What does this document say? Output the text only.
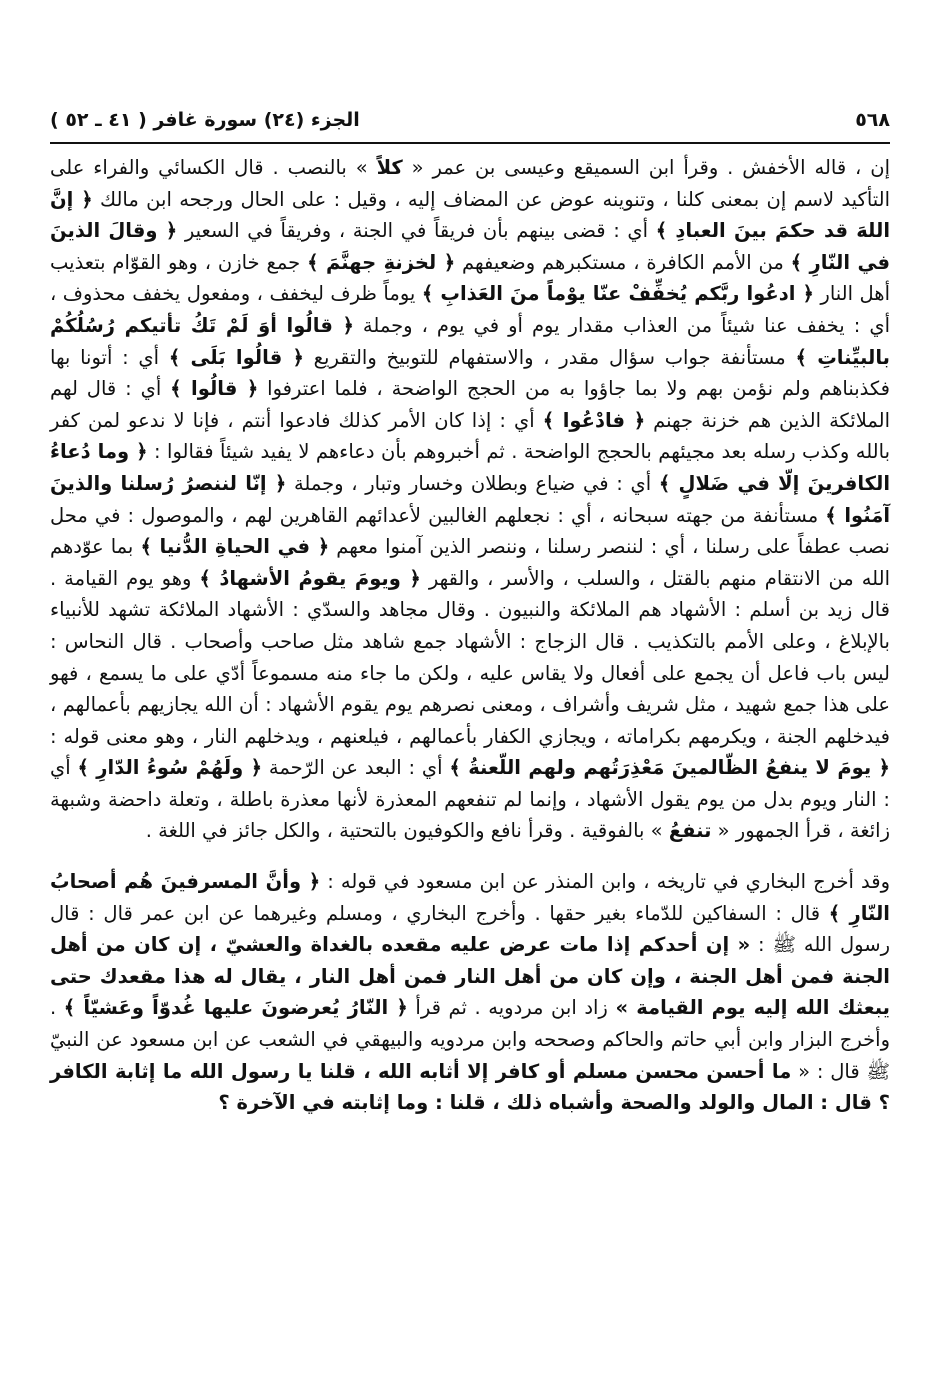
٥٦٨
الجزء (٢٤) سورة غافر ( ٤١ ـ ٥٢ )

إن ، قاله الأخفش . وقرأ ابن السميقع وعيسى بن عمر « كلاً » بالنصب . قال الكسائي والفراء على التأكيد لاسم إن بمعنى كلنا ، وتنوينه عوض عن المضاف إليه ، وقيل : على الحال ورجحه ابن مالك ﴿ إنَّ اللهَ قد حكمَ بينَ العبادِ ﴾ أي : قضى بينهم بأن فريقاً في الجنة ، وفريقاً في السعير ﴿ وقالَ الذينَ في النّارِ ﴾ من الأمم الكافرة ، مستكبرهم وضعيفهم ﴿ لخزنةِ جهنَّمَ ﴾ جمع خازن ، وهو القوّام بتعذيب أهل النار ﴿ ادعُوا ربَّكم يُخفِّفْ عنّا يوْماً منَ العَذابِ ﴾ يوماً ظرف ليخفف ، ومفعول يخفف محذوف ، أي : يخفف عنا شيئاً من العذاب مقدار يوم أو في يوم ، وجملة ﴿ قالُوا أوَ لَمْ تَكُ تأتيكم رُسُلُكُمْ بالبيِّناتِ ﴾ مستأنفة جواب سؤال مقدر ، والاستفهام للتوبيخ والتقريع ﴿ قالُوا بَلَى ﴾ أي : أتونا بها فكذبناهم ولم نؤمن بهم ولا بما جاؤوا به من الحجج الواضحة ، فلما اعترفوا ﴿ قالُوا ﴾ أي : قال لهم الملائكة الذين هم خزنة جهنم ﴿ فادْعُوا ﴾ أي : إذا كان الأمر كذلك فادعوا أنتم ، فإنا لا ندعو لمن كفر بالله وكذب رسله بعد مجيئهم بالحجج الواضحة . ثم أخبروهم بأن دعاءهم لا يفيد شيئاً فقالوا : ﴿ وما دُعاءُ الكافرينَ إلّا في ضَلالٍ ﴾ أي : في ضياع وبطلان وخسار وتبار ، وجملة ﴿ إنّا لننصرُ رُسلنا والذينَ آمَنُوا ﴾ مستأنفة من جهته سبحانه ، أي : نجعلهم الغالبين لأعدائهم القاهرين لهم ، والموصول : في محل نصب عطفاً على رسلنا ، أي : لننصر رسلنا ، وننصر الذين آمنوا معهم ﴿ في الحياةِ الدُّنيا ﴾ بما عوّدهم الله من الانتقام منهم بالقتل ، والسلب ، والأسر ، والقهر ﴿ ويومَ يقومُ الأشهادُ ﴾ وهو يوم القيامة . قال زيد بن أسلم : الأشهاد هم الملائكة والنبيون . وقال مجاهد والسدّي : الأشهاد الملائكة تشهد للأنبياء بالإبلاغ ، وعلى الأمم بالتكذيب . قال الزجاج : الأشهاد جمع شاهد مثل صاحب وأصحاب . قال النحاس : ليس باب فاعل أن يجمع على أفعال ولا يقاس عليه ، ولكن ما جاء منه مسموعاً أدّي على ما يسمع ، فهو على هذا جمع شهيد ، مثل شريف وأشراف ، ومعنى نصرهم يوم يقوم الأشهاد : أن الله يجازيهم بأعمالهم ، فيدخلهم الجنة ، ويكرمهم بكراماته ، ويجازي الكفار بأعمالهم ، فيلعنهم ، ويدخلهم النار ، وهو معنى قوله : ﴿ يومَ لا ينفعُ الظّالمينَ مَعْذِرَتُهم ولهم اللّعنةُ ﴾ أي : البعد عن الرّحمة ﴿ ولَهُمْ سُوءُ الدّارِ ﴾ أي : النار ويوم بدل من يوم يقول الأشهاد ، وإنما لم تنفعهم المعذرة لأنها معذرة باطلة ، وتعلة داحضة وشبهة زائغة ، قرأ الجمهور « تنفعُ » بالفوقية . وقرأ نافع والكوفيون بالتحتية ، والكل جائز في اللغة .

وقد أخرج البخاري في تاريخه ، وابن المنذر عن ابن مسعود في قوله : ﴿ وأنَّ المسرفينَ هُم أصحابُ النّارِ ﴾ قال : السفاكين للدّماء بغير حقها . وأخرج البخاري ، ومسلم وغيرهما عن ابن عمر قال : قال رسول الله ﷺ : « إن أحدكم إذا مات عرض عليه مقعده بالغداة والعشيّ ، إن كان من أهل الجنة فمن أهل الجنة ، وإن كان من أهل النار فمن أهل النار ، يقال له هذا مقعدك حتى يبعثك الله إليه يوم القيامة » زاد ابن مردويه . ثم قرأ ﴿ النّارُ يُعرضونَ عليها غُدوّاً وعَشيّاً ﴾ . وأخرج البزار وابن أبي حاتم والحاكم وصححه وابن مردويه والبيهقي في الشعب عن ابن مسعود عن النبيّ ﷺ قال : « ما أحسن محسن مسلم أو كافر إلا أثابه الله ، قلنا يا رسول الله ما إثابة الكافر ؟ قال : المال والولد والصحة وأشباه ذلك ، قلنا : وما إثابته في الآخرة ؟
